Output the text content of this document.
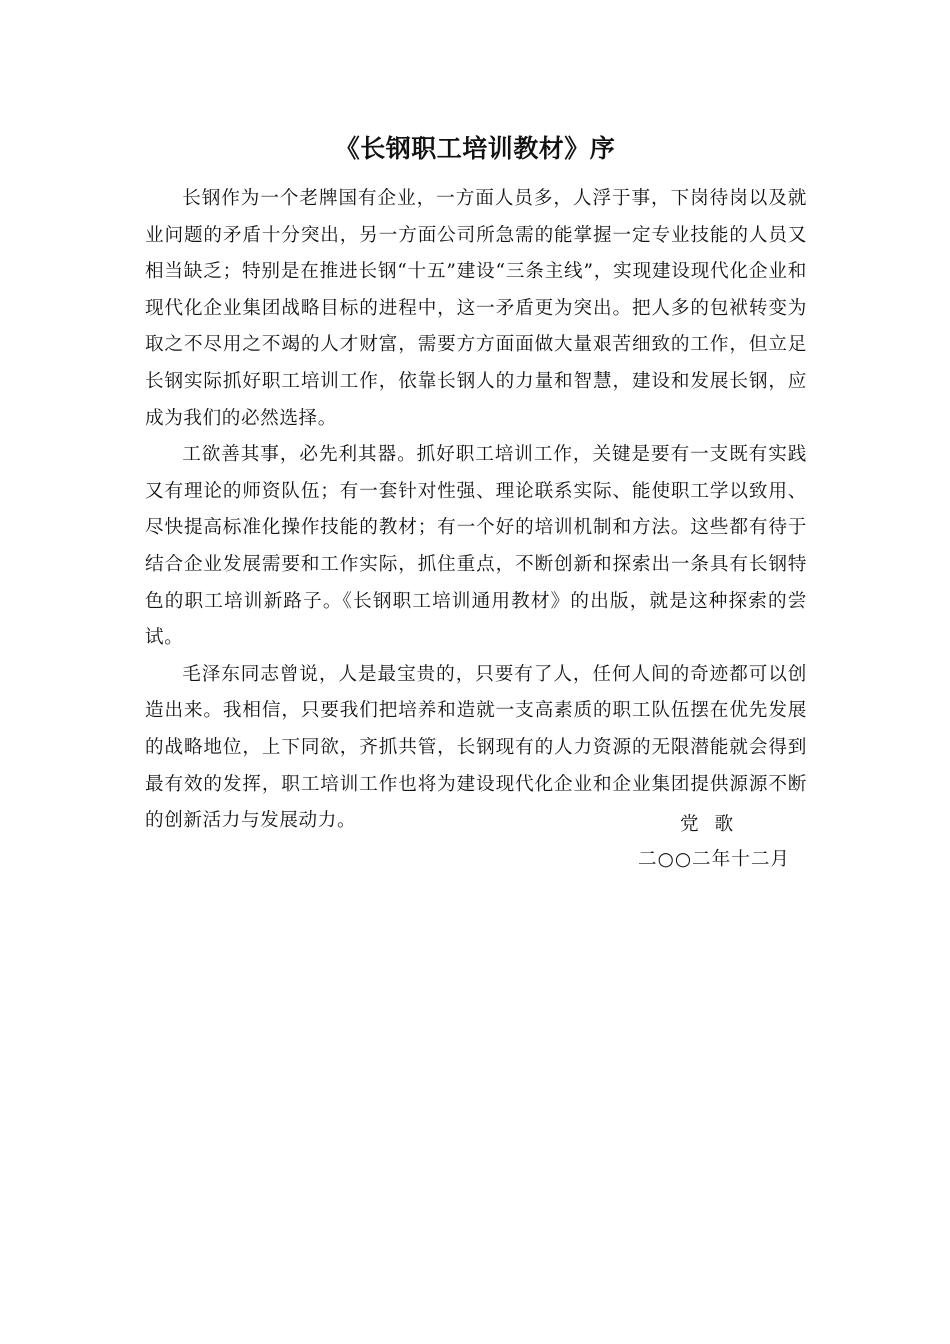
《长钢职工培训教材》序

长钢作为一个老牌国有企业，一方面人员多，人浮于事，下岗待岗以及就业问题的矛盾十分突出，另一方面公司所急需的能掌握一定专业技能的人员又相当缺乏；特别是在推进长钢“十五”建设“三条主线”，实现建设现代化企业和现代化企业集团战略目标的进程中，这一矛盾更为突出。把人多的包袱转变为取之不尽用之不竭的人才财富，需要方方面面做大量艰苦细致的工作，但立足长钢实际抓好职工培训工作，依靠长钢人的力量和智慧，建设和发展长钢，应成为我们的必然选择。

工欲善其事，必先利其器。抓好职工培训工作，关键是要有一支既有实践又有理论的师资队伍；有一套针对性强、理论联系实际、能使职工学以致用、尽快提高标准化操作技能的教材；有一个好的培训机制和方法。这些都有待于结合企业发展需要和工作实际，抓住重点，不断创新和探索出一条具有长钢特色的职工培训新路子。《长钢职工培训通用教材》的出版，就是这种探索的尝试。

毛泽东同志曾说，人是最宝贵的，只要有了人，任何人间的奇迹都可以创造出来。我相信，只要我们把培养和造就一支高素质的职工队伍摆在优先发展的战略地位，上下同欲，齐抓共管，长钢现有的人力资源的无限潜能就会得到最有效的发挥，职工培训工作也将为建设现代化企业和企业集团提供源源不断的创新活力与发展动力。	党 歌
二○○二年十二月
